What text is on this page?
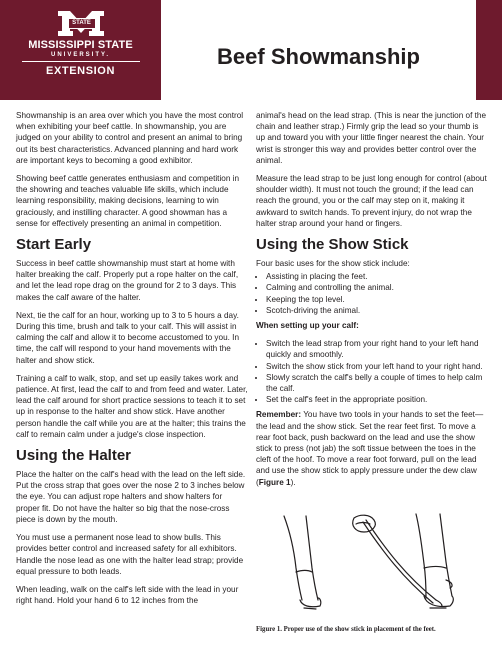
STATE
MISSISSIPPI STATE
UNIVERSITY.
EXTENSION
Beef Showmanship

Showmanship is an area over which you have the most control when exhibiting your beef cattle. In showmanship, you are judged on your ability to control and present an animal to bring out its best characteristics. Advanced planning and hard work are important keys to becoming a good exhibitor.

Showing beef cattle generates enthusiasm and competition in the showring and teaches valuable life skills, which include learning responsibility, making decisions, learning to win graciously, and instilling character. A good showman has a sense for effectively presenting an animal in competition.

Start Early

Success in beef cattle showmanship must start at home with halter breaking the calf. Properly put a rope halter on the calf, and let the lead rope drag on the ground for 2 to 3 days. This makes the calf aware of the halter.

Next, tie the calf for an hour, working up to 3 to 5 hours a day. During this time, brush and talk to your calf. This will assist in calming the calf and allow it to become accustomed to you. In time, the calf will respond to your hand movements with the halter and show stick.

Training a calf to walk, stop, and set up easily takes work and patience. At first, lead the calf to and from feed and water. Later, lead the calf around for short practice sessions to teach it to set up in response to the halter and show stick. Have another person handle the calf while you are at the halter; this trains the calf to remain calm under a judge's close inspection.

Using the Halter

Place the halter on the calf's head with the lead on the left side. Put the cross strap that goes over the nose 2 to 3 inches below the eye. You can adjust rope halters and show halters for proper fit. Do not have the halter so big that the nose-cross piece is down by the mouth.

You must use a permanent nose lead to show bulls. This provides better control and increased safety for all exhibitors. Handle the nose lead as one with the halter lead strap; provide equal pressure to both leads.

When leading, walk on the calf's left side with the lead in your right hand. Hold your hand 6 to 12 inches from the

animal's head on the lead strap. (This is near the junction of the chain and leather strap.) Firmly grip the lead so your thumb is up and toward you with your little finger nearest the chain. Your wrist is stronger this way and provides better control over the animal.

Measure the lead strap to be just long enough for control (about shoulder width). It must not touch the ground; if the lead can reach the ground, you or the calf may step on it, making it awkward to switch hands. To prevent injury, do not wrap the halter strap around your hand or fingers.

Using the Show Stick

Four basic uses for the show stick include:

• Assisting in placing the feet.
• Calming and controlling the animal.
• Keeping the top level.
• Scotch-driving the animal.

When setting up your calf:

• Switch the lead strap from your right hand to your left hand quickly and smoothly.
• Switch the show stick from your left hand to your right hand.
• Slowly scratch the calf's belly a couple of times to help calm the calf.
• Set the calf's feet in the appropriate position.

Remember: You have two tools in your hands to set the feet—the lead and the show stick. Set the rear feet first. To move a rear foot back, push backward on the lead and use the show stick to press (not jab) the soft tissue between the toes in the cleft of the hoof. To move a rear foot forward, pull on the lead and use the show stick to apply pressure under the dew claw (Figure 1).

Figure 1. Proper use of the show stick in placement of the feet.
